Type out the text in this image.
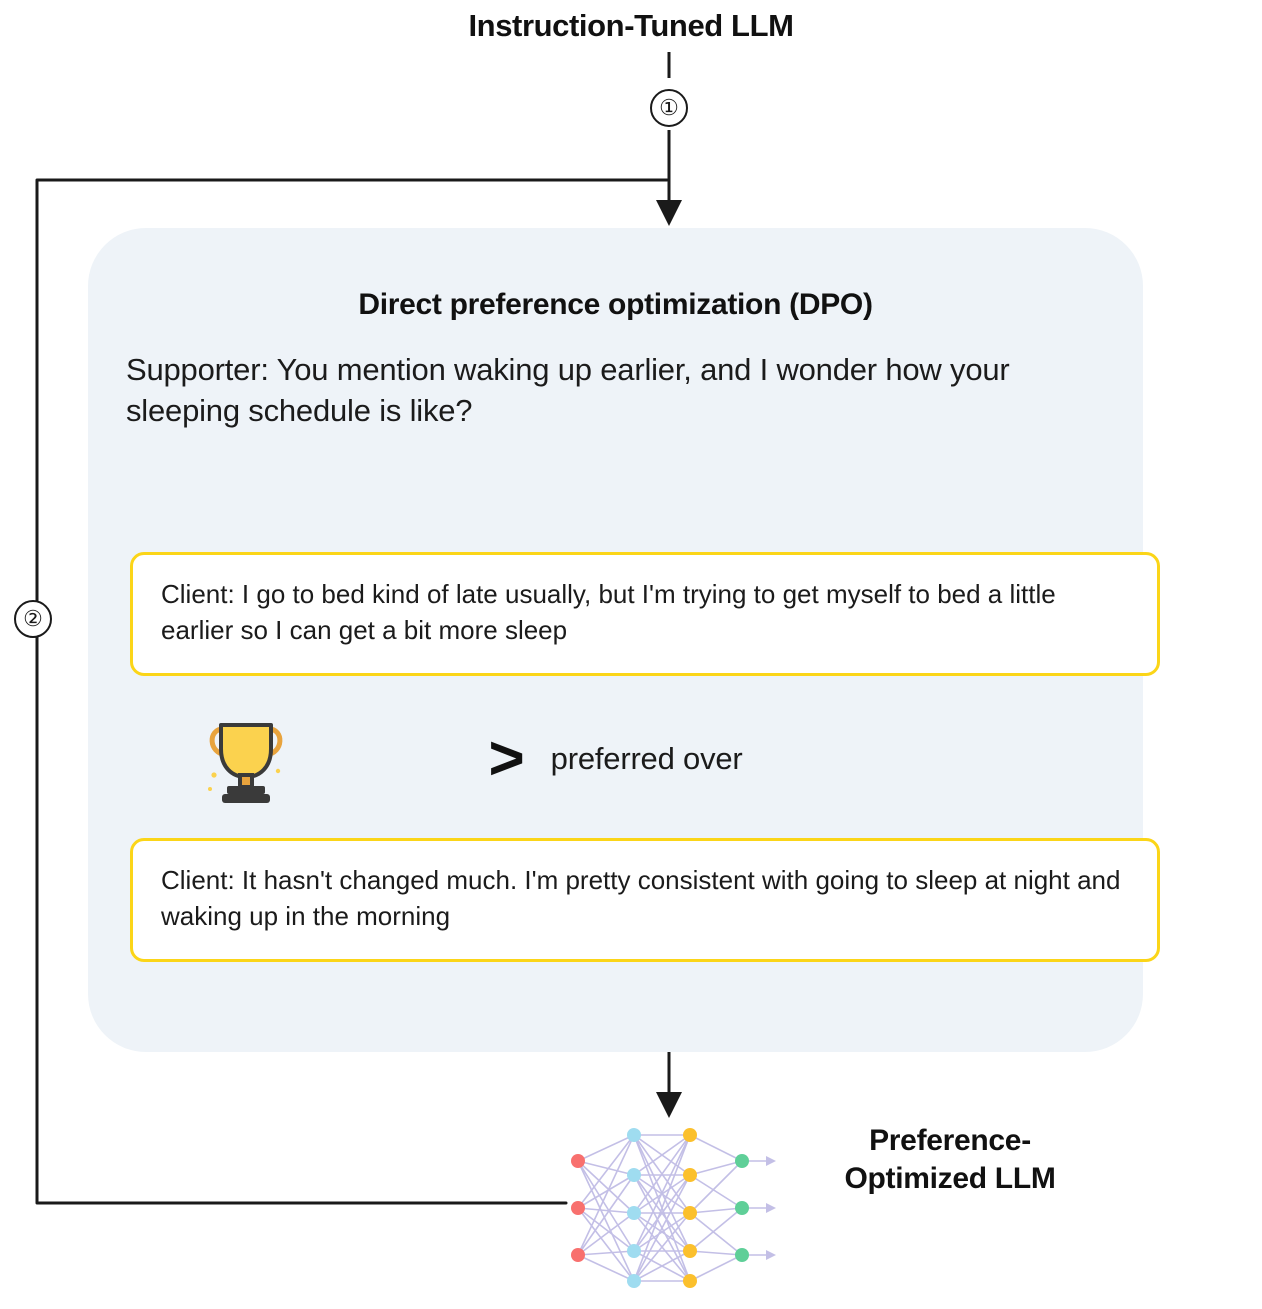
Instruction-Tuned LLM
①
②
Direct preference optimization (DPO)
Supporter: You mention waking up earlier, and I wonder how your sleeping schedule is like?
Client: I go to bed kind of late usually, but I'm trying to get myself to bed a little earlier so I can get a bit more sleep
> preferred over
Client: It hasn't changed much. I'm pretty consistent with going to sleep at night and waking up in the morning
Preference-Optimized LLM
